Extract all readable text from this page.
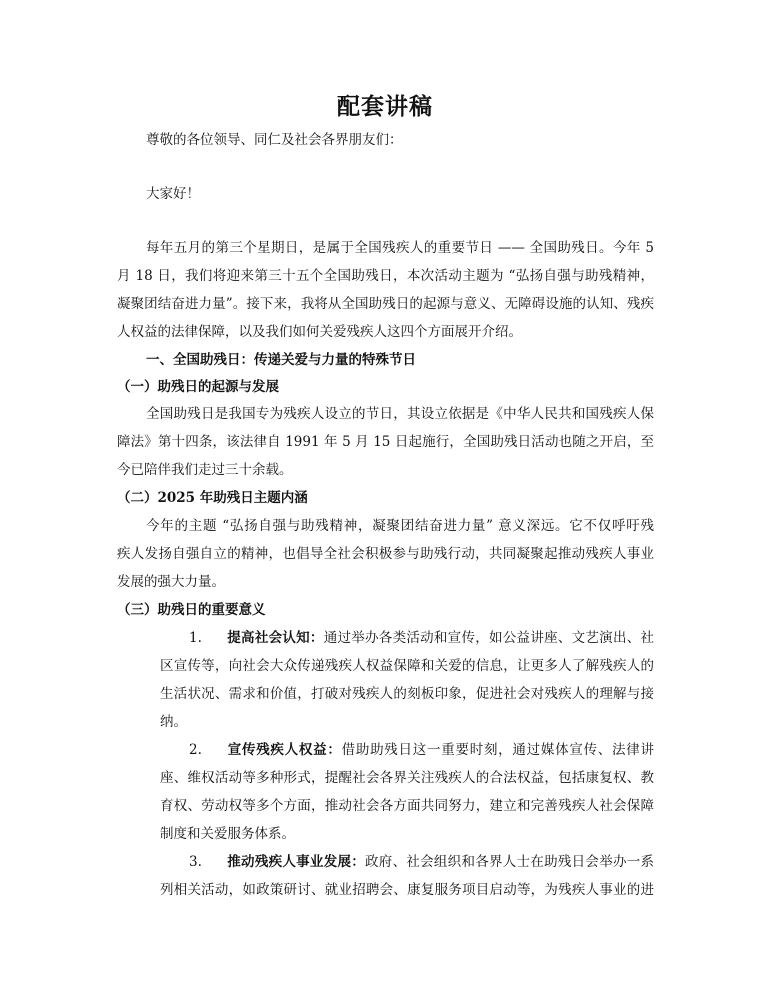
配套讲稿
尊敬的各位领导、同仁及社会各界朋友们：
大家好！
每年五月的第三个星期日，是属于全国残疾人的重要节日 —— 全国助残日。今年 5
月 18 日，我们将迎来第三十五个全国助残日，本次活动主题为 “弘扬自强与助残精神，
凝聚团结奋进力量”。接下来，我将从全国助残日的起源与意义、无障碍设施的认知、残疾
人权益的法律保障，以及我们如何关爱残疾人这四个方面展开介绍。
一、全国助残日：传递关爱与力量的特殊节日
（一）助残日的起源与发展
全国助残日是我国专为残疾人设立的节日，其设立依据是《中华人民共和国残疾人保
障法》第十四条，该法律自 1991 年 5 月 15 日起施行，全国助残日活动也随之开启，至
今已陪伴我们走过三十余载。
（二）2025 年助残日主题内涵
今年的主题 “弘扬自强与助残精神，凝聚团结奋进力量” 意义深远。它不仅呼吁残
疾人发扬自强自立的精神，也倡导全社会积极参与助残行动，共同凝聚起推动残疾人事业
发展的强大力量。
（三）助残日的重要意义
1. 提高社会认知：通过举办各类活动和宣传，如公益讲座、文艺演出、社
区宣传等，向社会大众传递残疾人权益保障和关爱的信息，让更多人了解残疾人的
生活状况、需求和价值，打破对残疾人的刻板印象，促进社会对残疾人的理解与接
纳。
2. 宣传残疾人权益：借助助残日这一重要时刻，通过媒体宣传、法律讲
座、维权活动等多种形式，提醒社会各界关注残疾人的合法权益，包括康复权、教
育权、劳动权等多个方面，推动社会各方面共同努力，建立和完善残疾人社会保障
制度和关爱服务体系。
3. 推动残疾人事业发展：政府、社会组织和各界人士在助残日会举办一系
列相关活动，如政策研讨、就业招聘会、康复服务项目启动等，为残疾人事业的进
